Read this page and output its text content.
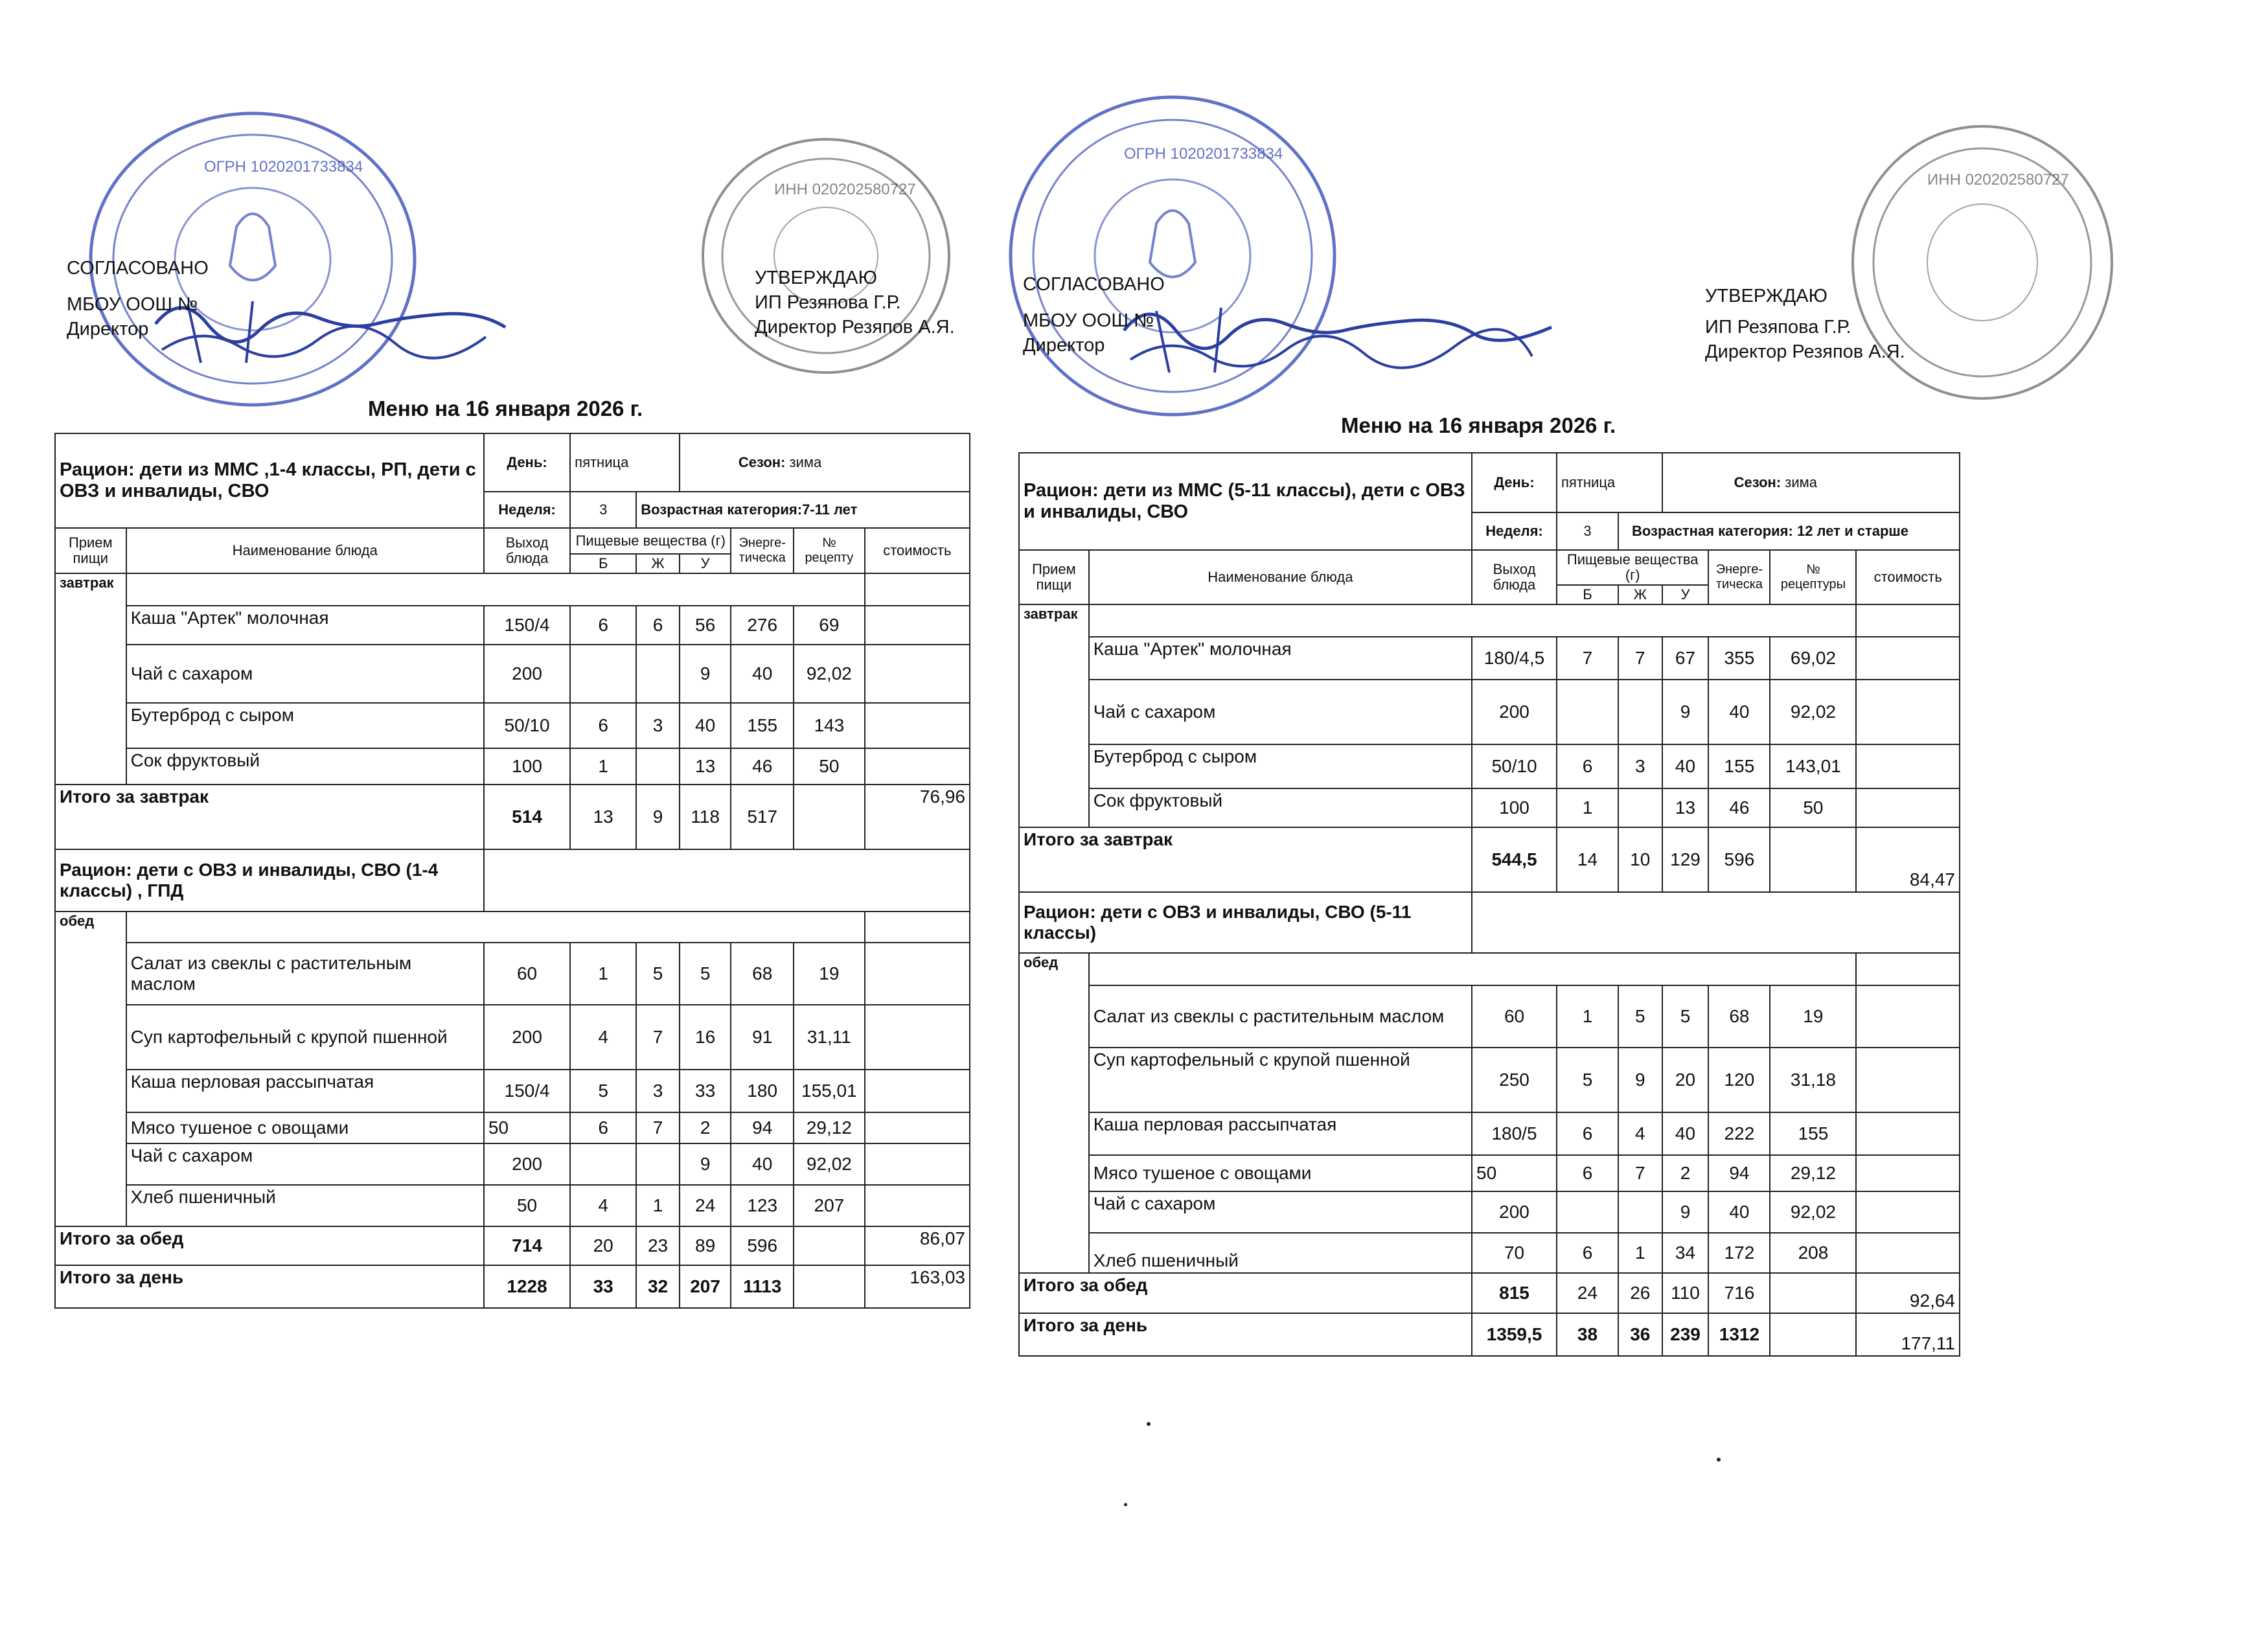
ОГРН 1020201733834
ИНН 020202580727
СОГЛАСОВАНО
МБОУ ООШ №
Директор
УТВЕРЖДАЮ
ИП Резяпова Г.Р.
Директор Резяпов А.Я.
Меню на 16 января 2026 г.
Рацион: дети из ММС ,1-4 классы, РП, дети с ОВЗ и инвалиды, СВО		День:	пятница		Сезон: зима			
		Неделя:	3	Возрастная категория:7-11 лет				
Прием пищи	Наименование блюда	Выход блюда	Пищевые вещества (г)			Энерге-тическа	№ рецепту	стоимость
			Б	Ж	У			
завтрак								
	Каша "Артек" молочная	150/4	6	6	56	276	69	
	Чай с сахаром	200			9	40	92,02	
	Бутерброд с сыром	50/10	6	3	40	155	143	
	Сок фруктовый	100	1		13	46	50	
Итого за завтрак		514	13	9	118	517		76,96
Рацион: дети с ОВЗ и инвалиды, СВО (1-4 классы) , ГПД								
обед								
	Салат из свеклы с растительным маслом	60	1	5	5	68	19	
	Суп картофельный с крупой пшенной	200	4	7	16	91	31,11	
	Каша перловая рассыпчатая	150/4	5	3	33	180	155,01	
	Мясо тушеное с овощами	50	6	7	2	94	29,12	
	Чай с сахаром	200			9	40	92,02	
	Хлеб пшеничный	50	4	1	24	123	207	
Итого за обед		714	20	23	89	596		86,07
Итого за день		1228	33	32	207	1113		163,03
ОГРН 1020201733834
ИНН 020202580727
СОГЛАСОВАНО
МБОУ ООШ №
Директор
УТВЕРЖДАЮ
ИП Резяпова Г.Р.
Директор Резяпов А.Я.
Меню на 16 января 2026 г.
Рацион: дети из ММС (5-11 классы), дети с ОВЗ и инвалиды, СВО		День:	пятница		Сезон: зима			
		Неделя:	3	Возрастная категория: 12 лет и старше				
Прием пищи	Наименование блюда	Выход блюда	Пищевые вещества (г)			Энерге-тическа	№ рецептуры	стоимость
			Б	Ж	У			
завтрак								
	Каша "Артек" молочная	180/4,5	7	7	67	355	69,02	
	Чай с сахаром	200			9	40	92,02	
	Бутерброд с сыром	50/10	6	3	40	155	143,01	
	Сок фруктовый	100	1		13	46	50	
Итого за завтрак		544,5	14	10	129	596		84,47
Рацион: дети с ОВЗ и инвалиды, СВО (5-11 классы)								
обед								
	Салат из свеклы с растительным маслом	60	1	5	5	68	19	
	Суп картофельный с крупой пшенной	250	5	9	20	120	31,18	
	Каша перловая рассыпчатая	180/5	6	4	40	222	155	
	Мясо тушеное с овощами	50	6	7	2	94	29,12	
	Чай с сахаром	200			9	40	92,02	
	Хлеб пшеничный	70	6	1	34	172	208	
Итого за обед		815	24	26	110	716		92,64
Итого за день		1359,5	38	36	239	1312		177,11
